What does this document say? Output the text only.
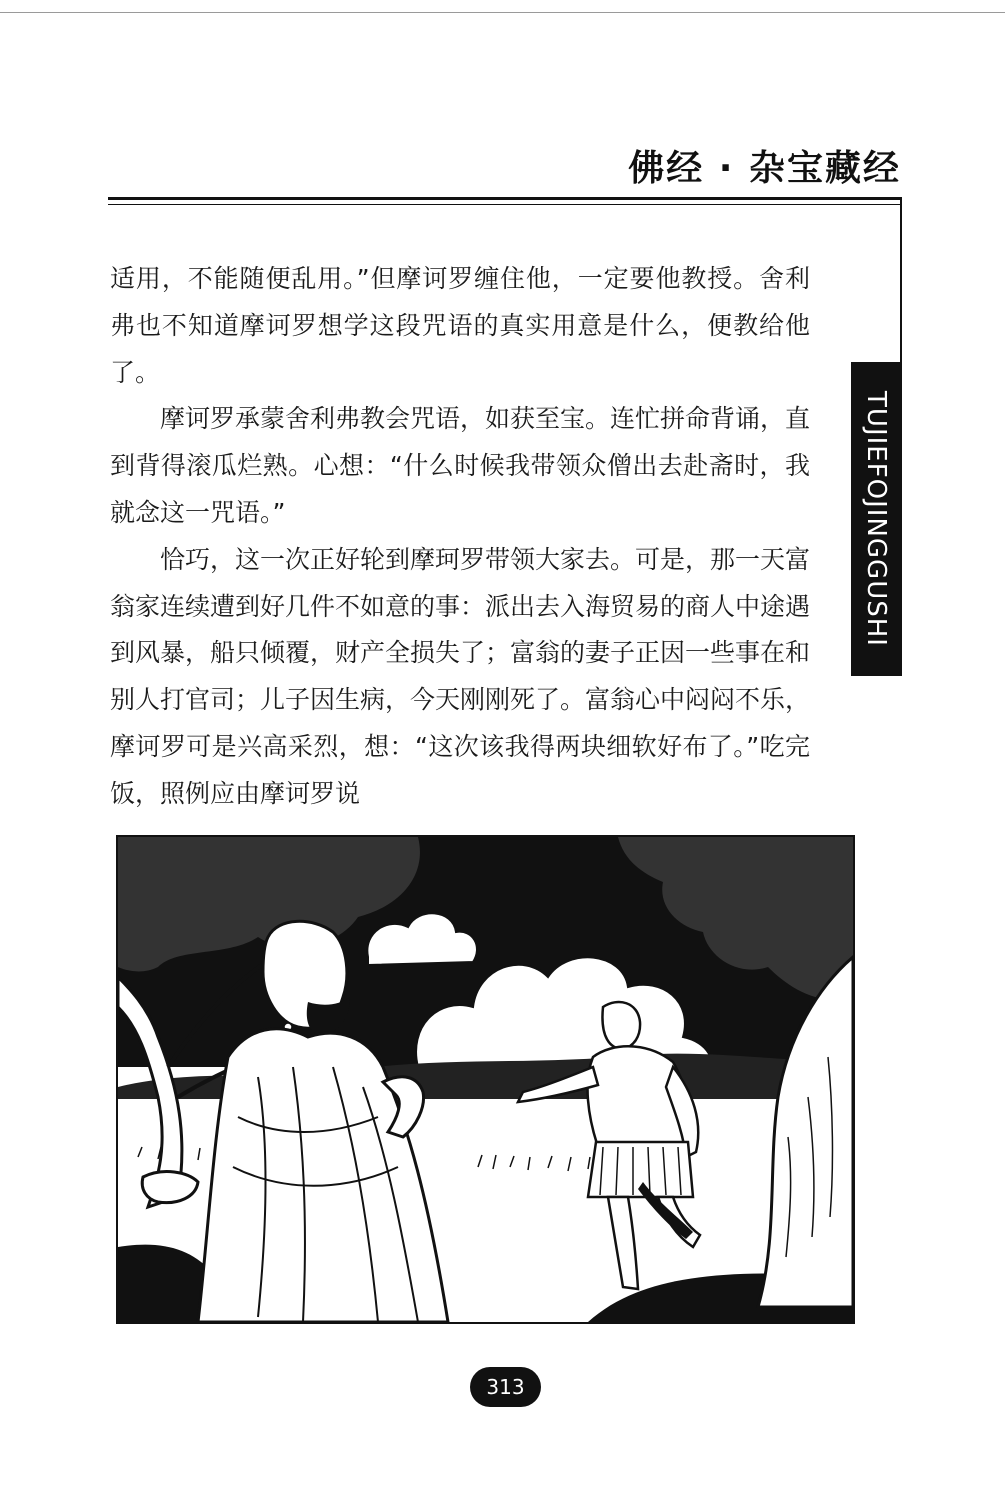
佛经 · 杂宝藏经
TUJIEFOJINGGUSHI

适用，不能随便乱用。”但摩诃罗缠住他，一定要他教授。舍利弗也不知道摩诃罗想学这段咒语的真实用意是什么，便教给他了。

摩诃罗承蒙舍利弗教会咒语，如获至宝。连忙拼命背诵，直到背得滚瓜烂熟。心想：“什么时候我带领众僧出去赴斋时，我就念这一咒语。”

恰巧，这一次正好轮到摩珂罗带领大家去。可是，那一天富翁家连续遭到好几件不如意的事：派出去入海贸易的商人中途遇到风暴，船只倾覆，财产全损失了；富翁的妻子正因一些事在和别人打官司；儿子因生病，今天刚刚死了。富翁心中闷闷不乐，摩诃罗可是兴高采烈，想：“这次该我得两块细软好布了。”吃完饭，照例应由摩诃罗说

313
